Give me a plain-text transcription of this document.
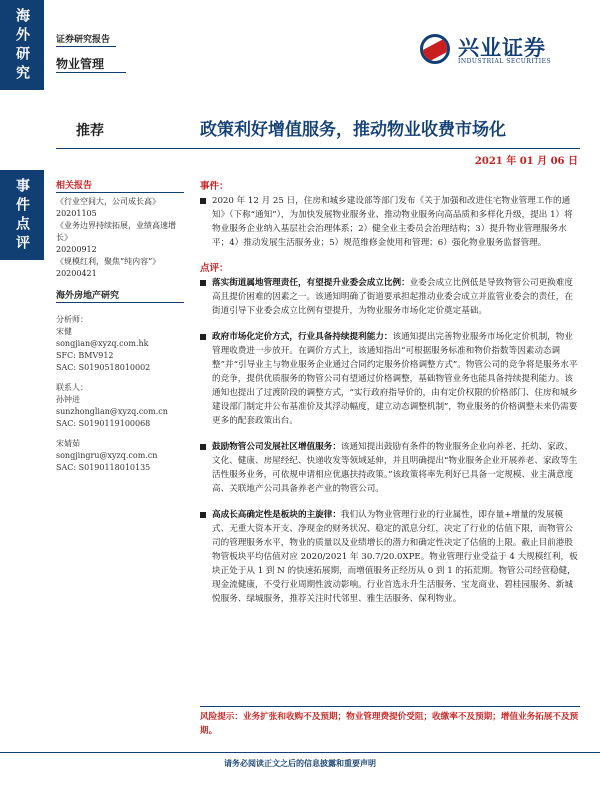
海外研究
事件点评
证券研究报告
物业管理
兴业证券
INDUSTRIAL SECURITIES
推荐	政策利好增值服务，推动物业收费市场化
2021 年 01 月 06 日
相关报告
《行业空间大，公司成长高》
20201105
《业务边界持续拓展，业绩高速增长》
20200912
《规模红利，聚焦“纯内容”》
20200421
海外房地产研究
分析师：
宋健
songjian@xyzq.com.hk
SFC: BMV912
SAC: S0190518010002
联系人：
孙钟进
sunzhonglian@xyzq.com.cn
SAC: S0190119100068
宋婧茹
songjingru@xyzq.com.cn
SAC: S0190118010135
事件：
2020 年 12 月 25 日，住房和城乡建设部等部门发布《关于加强和改进住宅物业管理工作的通知》（下称“通知”），为加快发展物业服务业、推动物业服务向高品质和多样化升级，提出 1）将物业服务企业纳入基层社会治理体系；2）健全业主委员会治理结构；3）提升物业管理服务水平；4）推动发展生活服务业；5）规范维修金使用和管理；6）强化物业服务监督管理。
点评：
落实街道属地管理责任，有望提升业委会成立比例：业委会成立比例低是导致物管公司更换难度高且提价困难的因素之一。该通知明确了街道要承担起推动业委会成立并监管业委会的责任，在街道引导下业委会成立比例有望提升，为物业服务市场化定价奠定基础。
政府市场化定价方式，行业具备持续提利能力：该通知提出完善物业服务市场化定价机制，物业管理收费进一步放开。在调价方式上，该通知指出“可根据服务标准和物价指数等因素动态调整”并“引导业主与物业服务企业通过合同约定服务价格调整方式”。物管公司的竞争将是服务水平的竞争，提供优质服务的物管公司有望通过价格调整，基础物管业务也能具备持续提利能力。该通知也提出了过渡阶段的调整方式，“实行政府指导价的，由有定价权限的价格部门、住房和城乡建设部门制定并公布基准价及其浮动幅度，建立动态调整机制”，物业服务的价格调整未来仍需要更多的配套政策出台。
鼓励物管公司发展社区增值服务：该通知提出鼓励有条件的物业服务企业向养老、托幼、家政、文化、健康、房屋经纪、快递收发等领域延伸，并且明确提出“物业服务企业开展养老、家政等生活性服务业务，可依规申请相应优惠扶持政策。”该政策将率先利好已具备一定规模、业主满意度高、关联地产公司具备养老产业的物管公司。
高成长高确定性是板块的主旋律：我们认为物业管理行业的行业属性，即存量+增量的发展模式、无重大资本开支、净现金的财务状况、稳定的派息分红，决定了行业的估值下限，而物管公司的管理服务水平，物业的质量以及业绩增长的潜力和确定性决定了估值的上限。截止目前港股物管板块平均估值对应 2020/2021 年 30.7/20.0XPE。物业管理行业受益于 4 大规模红利，板块正处于从 1 到 N 的快速拓展期，而增值服务正经历从 0 到 1 的拓荒期。物管公司经营稳健，现金流健康，不受行业周期性波动影响。行业首选永升生活服务、宝龙商业、碧桂园服务、新城悦服务、绿城服务，推荐关注时代邻里、雅生活服务、保利物业。
风险提示：业务扩张和收购不及预期；物业管理费提价受阻；收缴率不及预期；增值业务拓展不及预期。
请务必阅读正文之后的信息披露和重要声明
